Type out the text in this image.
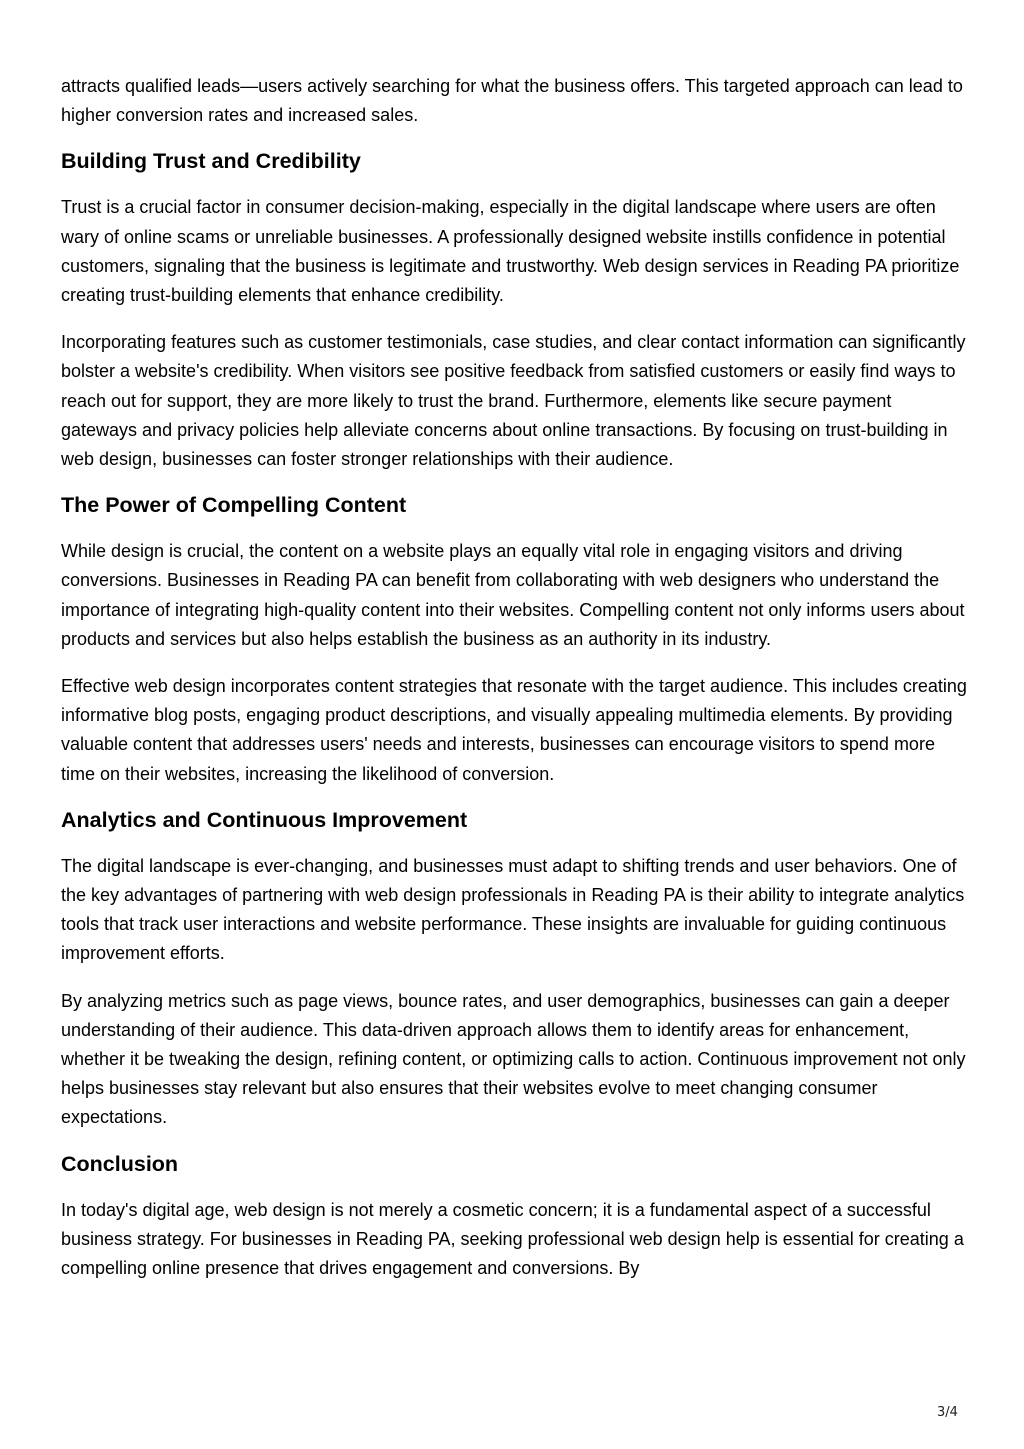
attracts qualified leads—users actively searching for what the business offers. This targeted approach can lead to higher conversion rates and increased sales.

Building Trust and Credibility

Trust is a crucial factor in consumer decision-making, especially in the digital landscape where users are often wary of online scams or unreliable businesses. A professionally designed website instills confidence in potential customers, signaling that the business is legitimate and trustworthy. Web design services in Reading PA prioritize creating trust-building elements that enhance credibility.

Incorporating features such as customer testimonials, case studies, and clear contact information can significantly bolster a website's credibility. When visitors see positive feedback from satisfied customers or easily find ways to reach out for support, they are more likely to trust the brand. Furthermore, elements like secure payment gateways and privacy policies help alleviate concerns about online transactions. By focusing on trust-building in web design, businesses can foster stronger relationships with their audience.

The Power of Compelling Content

While design is crucial, the content on a website plays an equally vital role in engaging visitors and driving conversions. Businesses in Reading PA can benefit from collaborating with web designers who understand the importance of integrating high-quality content into their websites. Compelling content not only informs users about products and services but also helps establish the business as an authority in its industry.

Effective web design incorporates content strategies that resonate with the target audience. This includes creating informative blog posts, engaging product descriptions, and visually appealing multimedia elements. By providing valuable content that addresses users' needs and interests, businesses can encourage visitors to spend more time on their websites, increasing the likelihood of conversion.

Analytics and Continuous Improvement

The digital landscape is ever-changing, and businesses must adapt to shifting trends and user behaviors. One of the key advantages of partnering with web design professionals in Reading PA is their ability to integrate analytics tools that track user interactions and website performance. These insights are invaluable for guiding continuous improvement efforts.

By analyzing metrics such as page views, bounce rates, and user demographics, businesses can gain a deeper understanding of their audience. This data-driven approach allows them to identify areas for enhancement, whether it be tweaking the design, refining content, or optimizing calls to action. Continuous improvement not only helps businesses stay relevant but also ensures that their websites evolve to meet changing consumer expectations.

Conclusion

In today's digital age, web design is not merely a cosmetic concern; it is a fundamental aspect of a successful business strategy. For businesses in Reading PA, seeking professional web design help is essential for creating a compelling online presence that drives engagement and conversions. By

3/4
